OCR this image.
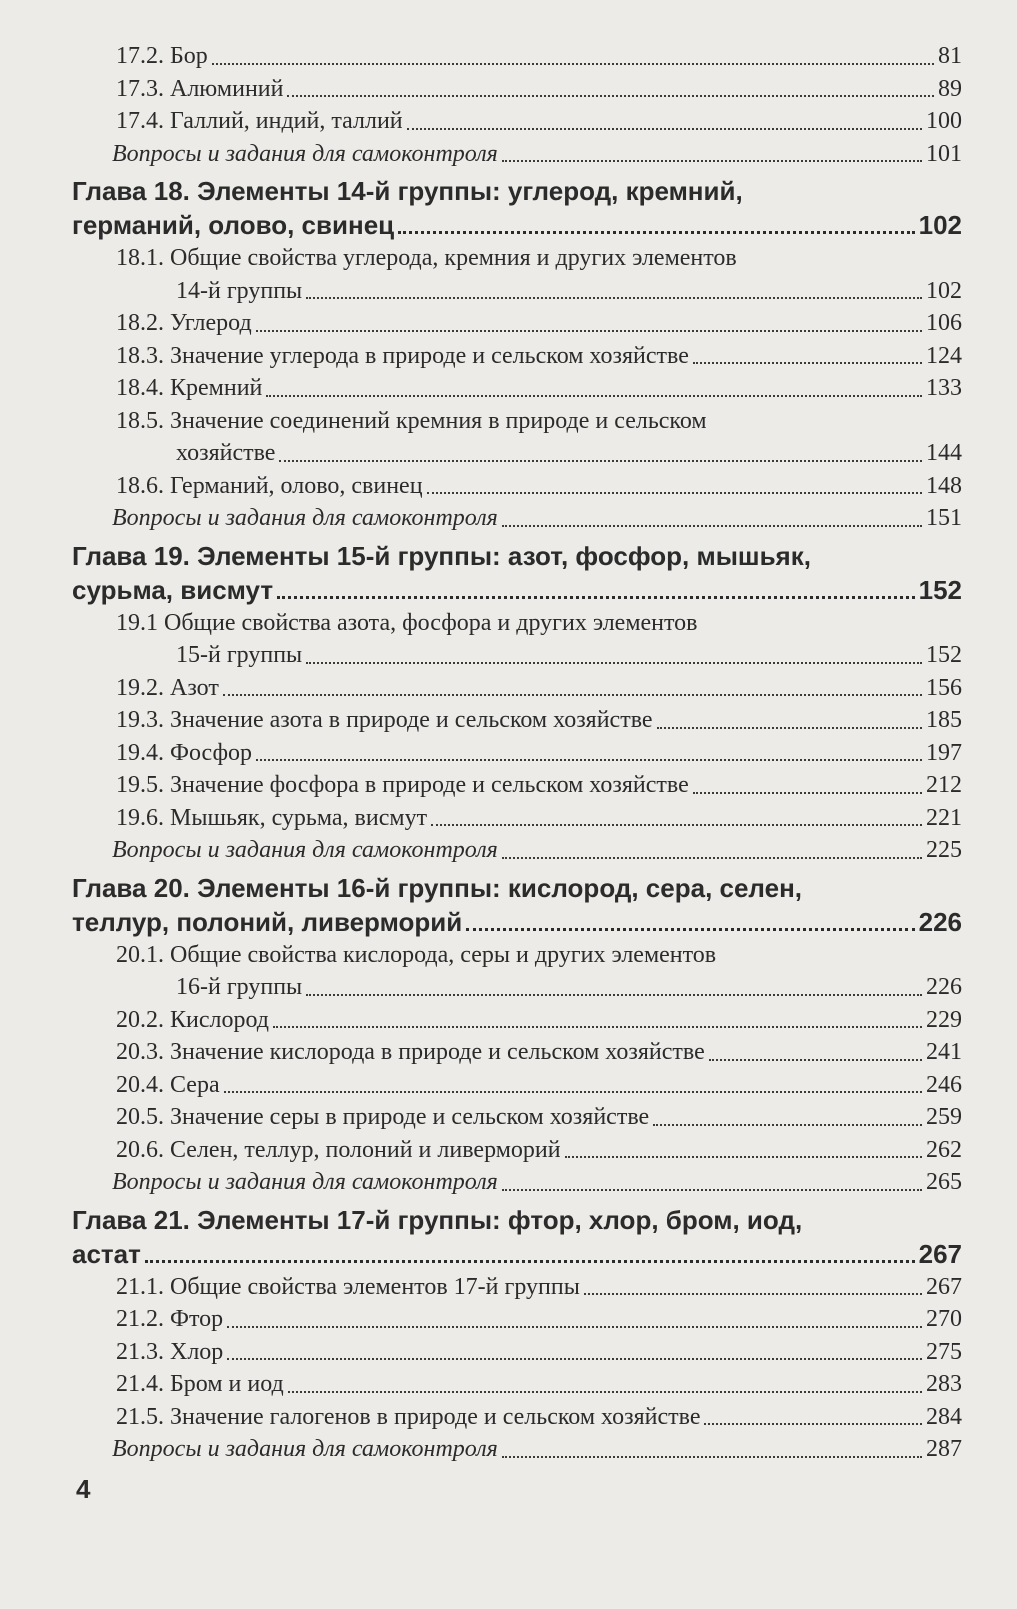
17.2. Бор	81
17.3. Алюминий	89
17.4. Галлий, индий, таллий	100
Вопросы и задания для самоконтроля	101
Глава 18. Элементы 14-й группы: углерод, кремний,
германий, олово, свинец	102
18.1. Общие свойства углерода, кремния и других элементов
14-й группы	102
18.2. Углерод	106
18.3. Значение углерода в природе и сельском хозяйстве	124
18.4. Кремний	133
18.5. Значение соединений кремния в природе и сельском
хозяйстве	144
18.6. Германий, олово, свинец	148
Вопросы и задания для самоконтроля	151
Глава 19. Элементы 15-й группы: азот, фосфор, мышьяк,
сурьма, висмут	152
19.1 Общие свойства азота, фосфора и других элементов
15-й группы	152
19.2. Азот	156
19.3. Значение азота в природе и сельском хозяйстве	185
19.4. Фосфор	197
19.5. Значение фосфора в природе и сельском хозяйстве	212
19.6. Мышьяк, сурьма, висмут	221
Вопросы и задания для самоконтроля	225
Глава 20. Элементы 16-й группы: кислород, сера, селен,
теллур, полоний, ливерморий	226
20.1. Общие свойства кислорода, серы и других элементов
16-й группы	226
20.2. Кислород	229
20.3. Значение кислорода в природе и сельском хозяйстве	241
20.4. Сера	246
20.5. Значение серы в природе и сельском хозяйстве	259
20.6. Селен, теллур, полоний и ливерморий	262
Вопросы и задания для самоконтроля	265
Глава 21. Элементы 17-й группы: фтор, хлор, бром, иод,
астат	267
21.1. Общие свойства элементов 17-й группы	267
21.2. Фтор	270
21.3. Хлор	275
21.4. Бром и иод	283
21.5. Значение галогенов в природе и сельском хозяйстве	284
Вопросы и задания для самоконтроля	287
4
